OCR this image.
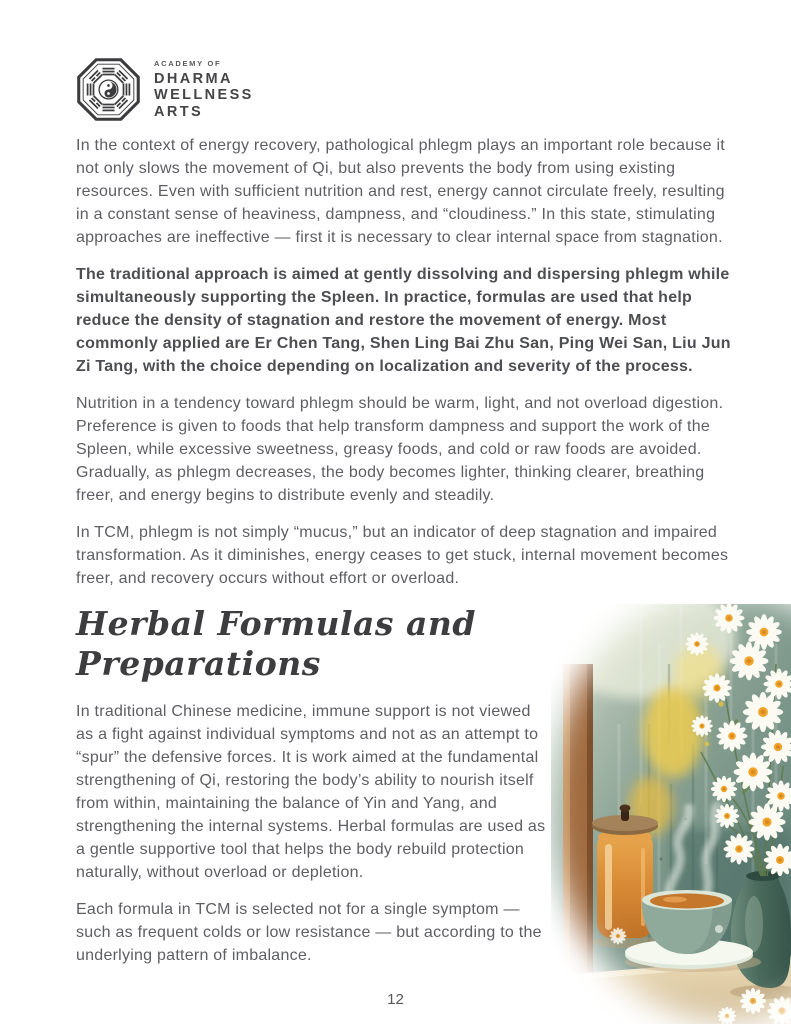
ACADEMY OF
DHARMA
WELLNESS
ARTS

In the context of energy recovery, pathological phlegm plays an important role because it not only slows the movement of Qi, but also prevents the body from using existing resources. Even with sufficient nutrition and rest, energy cannot circulate freely, resulting in a constant sense of heaviness, dampness, and “cloudiness.” In this state, stimulating approaches are ineffective — first it is necessary to clear internal space from stagnation.

The traditional approach is aimed at gently dissolving and dispersing phlegm while simultaneously supporting the Spleen. In practice, formulas are used that help reduce the density of stagnation and restore the movement of energy. Most commonly applied are Er Chen Tang, Shen Ling Bai Zhu San, Ping Wei San, Liu Jun Zi Tang, with the choice depending on localization and severity of the process.

Nutrition in a tendency toward phlegm should be warm, light, and not overload digestion. Preference is given to foods that help transform dampness and support the work of the Spleen, while excessive sweetness, greasy foods, and cold or raw foods are avoided. Gradually, as phlegm decreases, the body becomes lighter, thinking clearer, breathing freer, and energy begins to distribute evenly and steadily.

In TCM, phlegm is not simply “mucus,” but an indicator of deep stagnation and impaired transformation. As it diminishes, energy ceases to get stuck, internal movement becomes freer, and recovery occurs without effort or overload.

Herbal Formulas and Preparations

In traditional Chinese medicine, immune support is not viewed as a fight against individual symptoms and not as an attempt to “spur” the defensive forces. It is work aimed at the fundamental strengthening of Qi, restoring the body’s ability to nourish itself from within, maintaining the balance of Yin and Yang, and strengthening the internal systems. Herbal formulas are used as a gentle supportive tool that helps the body rebuild protection naturally, without overload or depletion.

Each formula in TCM is selected not for a single symptom — such as frequent colds or low resistance — but according to the underlying pattern of imbalance.

12
